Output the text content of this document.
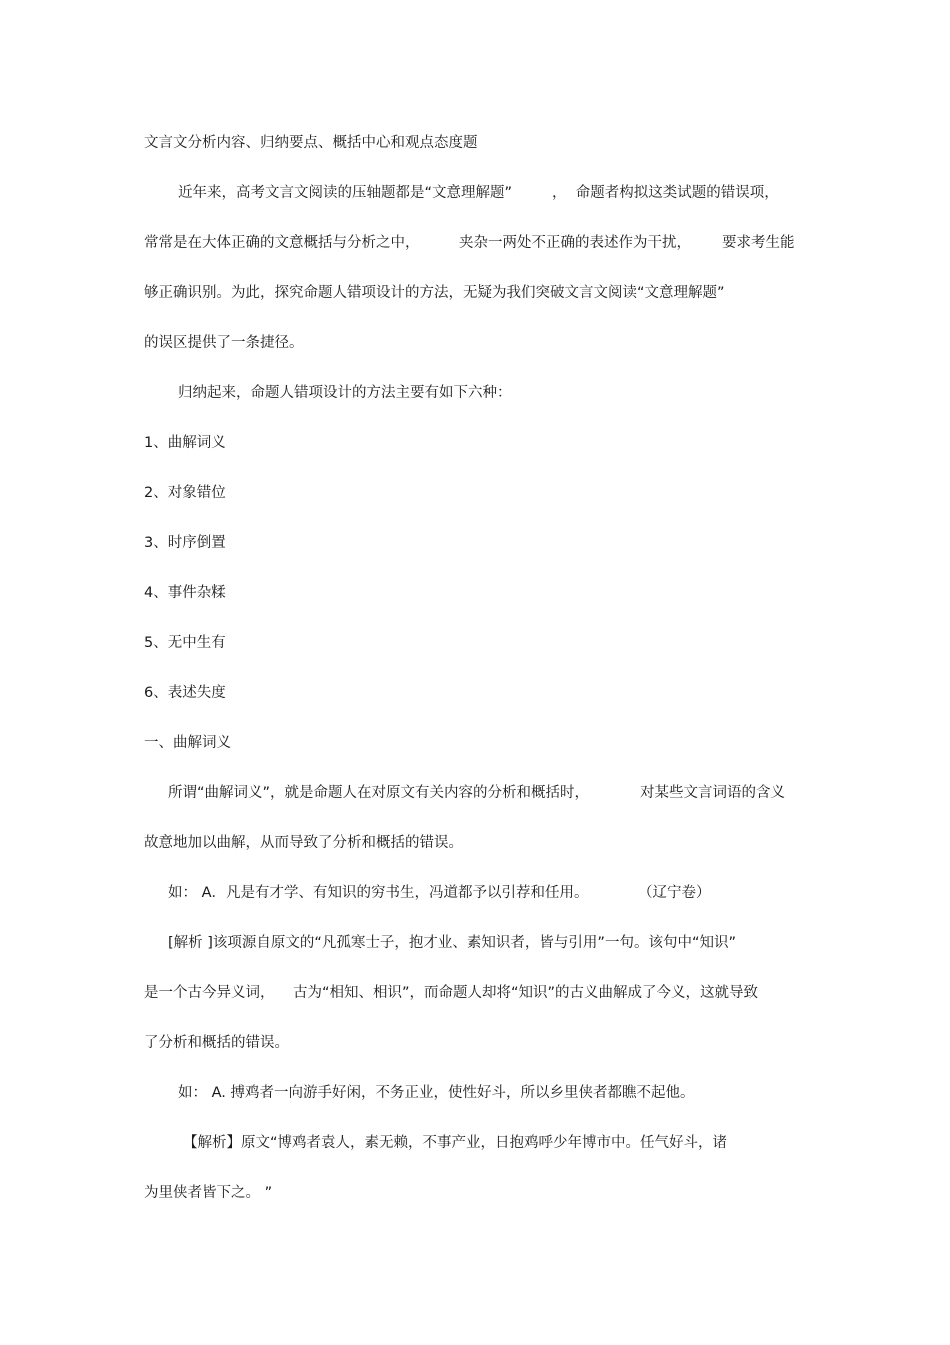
文言文分析内容、归纳要点、概括中心和观点态度题
近年来，高考文言文阅读的压轴题都是“文意理解题”	，  命题者构拟这类试题的错误项，
常常是在大体正确的文意概括与分析之中，	夹杂一两处不正确的表述作为干扰， 要求考生能
够正确识别。为此，探究命题人错项设计的方法，无疑为我们突破文言文阅读“文意理解题”
的误区提供了一条捷径。
归纳起来，命题人错项设计的方法主要有如下六种：
1、曲解词义
2、对象错位
3、时序倒置
4、事件杂糅
5、无中生有
6、表述失度
一、曲解词义
所谓“曲解词义”，就是命题人在对原文有关内容的分析和概括时，	对某些文言词语的含义
故意地加以曲解，从而导致了分析和概括的错误。
如： A．凡是有才学、有知识的穷书生，冯道都予以引荐和任用。	（辽宁卷）
[解析 ]该项源自原文的“凡孤寒士子，抱才业、素知识者，皆与引用”一句。该句中“知识”
是一个古今异义词， 古为“相知、相识”，而命题人却将“知识”的古义曲解成了今义，这就导致
了分析和概括的错误。
如： A. 搏鸡者一向游手好闲，不务正业，使性好斗，所以乡里侠者都瞧不起他。
【解析】原文“博鸡者袁人，素无赖，不事产业，日抱鸡呼少年博市中。任气好斗，诸
为里侠者皆下之。 ”
